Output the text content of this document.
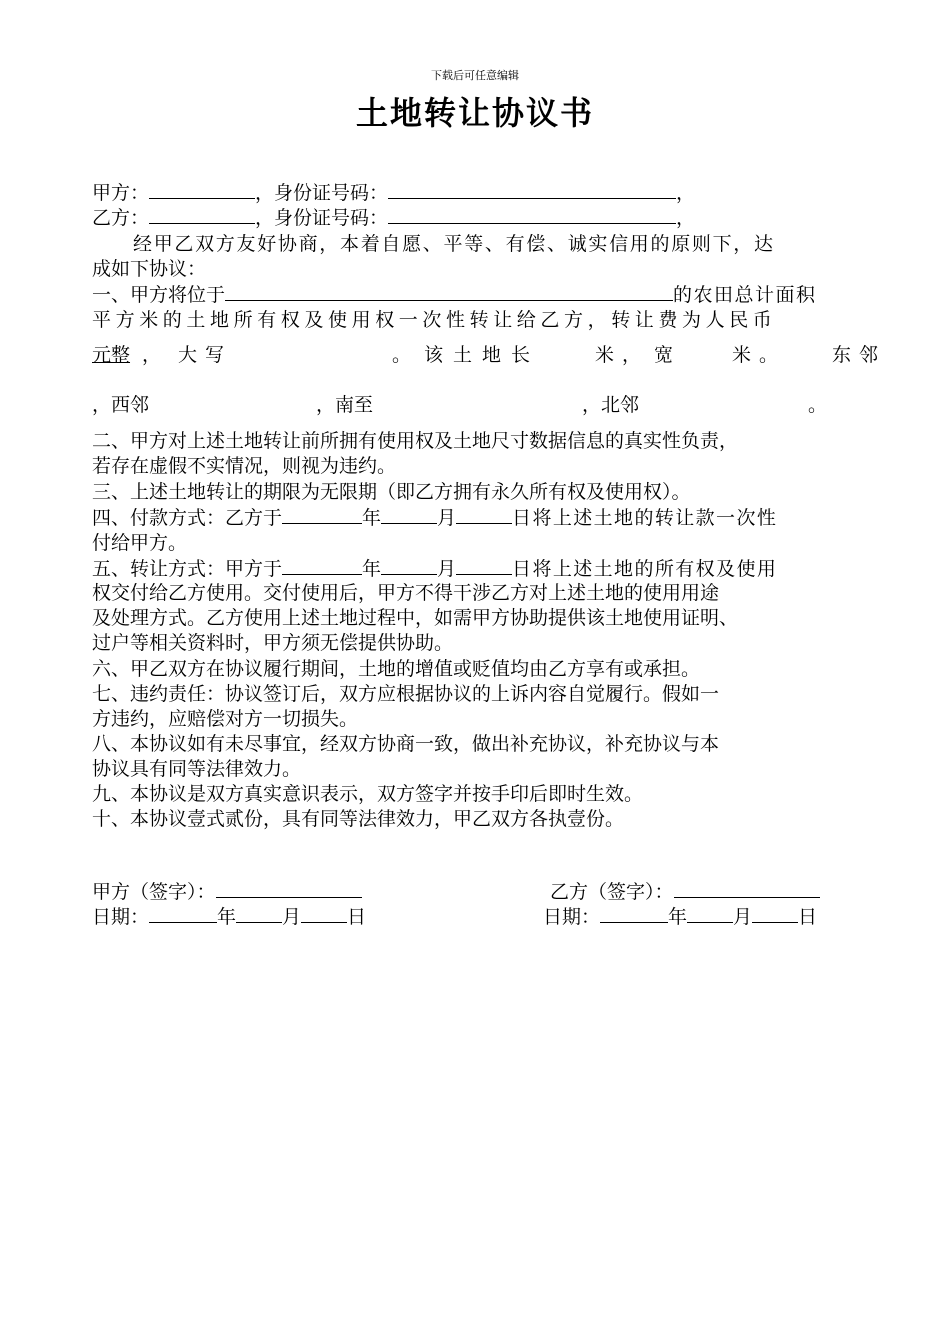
下载后可任意编辑
土地转让协议书
甲方：	，身份证号码：	，
乙方：	，身份证号码：	，
经甲乙双方友好协商，本着自愿、平等、有偿、诚实信用的原则下，达
成如下协议：
一、甲方将位于	的农田总计面积
平方米的土地所有权及使用权一次性转让给乙方，转让费为人民币
元整 ， 大写	。 该土地长	米， 宽	米。 东邻
，西邻	，南至	，北邻	。
二、甲方对上述土地转让前所拥有使用权及土地尺寸数据信息的真实性负责，
若存在虚假不实情况，则视为违约。
三、上述土地转让的期限为无限期（即乙方拥有永久所有权及使用权）。
四、付款方式：乙方于	年	月	日将上述土地的转让款一次性
付给甲方。
五、转让方式：甲方于	年	月	日将上述土地的所有权及使用
权交付给乙方使用。交付使用后，甲方不得干涉乙方对上述土地的使用用途
及处理方式。乙方使用上述土地过程中，如需甲方协助提供该土地使用证明、
过户等相关资料时，甲方须无偿提供协助。
六、甲乙双方在协议履行期间，土地的增值或贬值均由乙方享有或承担。
七、违约责任：协议签订后，双方应根据协议的上诉内容自觉履行。假如一
方违约，应赔偿对方一切损失。
八、本协议如有未尽事宜，经双方协商一致，做出补充协议，补充协议与本
协议具有同等法律效力。
九、本协议是双方真实意识表示，双方签字并按手印后即时生效。
十、本协议壹式贰份，具有同等法律效力，甲乙双方各执壹份。
甲方（签字）：	乙方（签字）：
日期：	年 月 日	日期：	年 月 日
